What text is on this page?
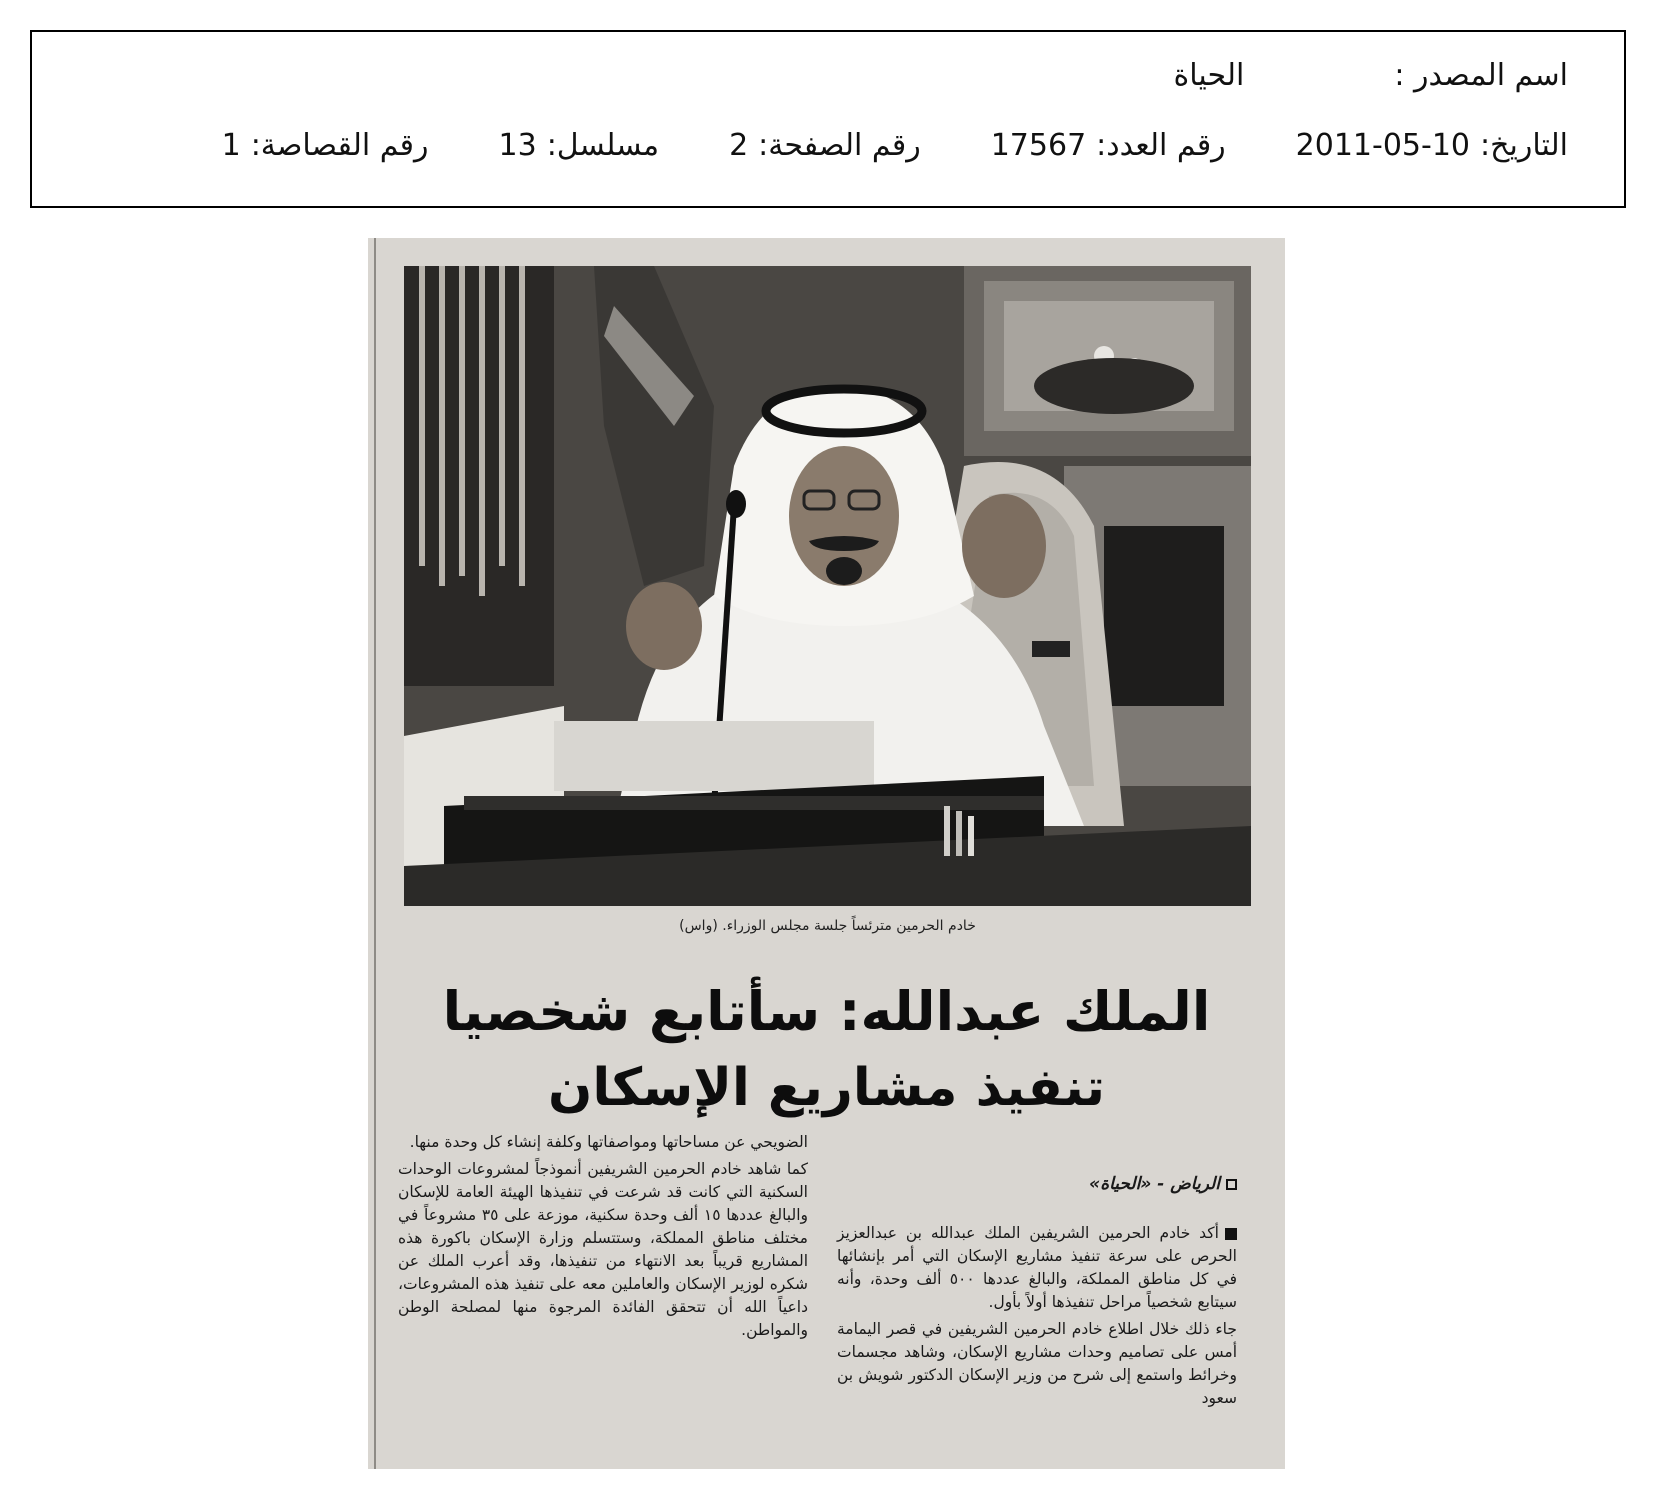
اسم المصدر :
الحياة
التاريخ:
2011-05-10
رقم العدد:
17567
رقم الصفحة:
2
مسلسل:
13
رقم القصاصة:
1
خادم الحرمين مترئساً جلسة مجلس الوزراء. (واس)
الملك عبدالله: سأتابع شخصيا
تنفيذ مشاريع الإسكان
الرياض - «الحياة»

أكد خادم الحرمين الشريفين الملك عبدالله بن عبدالعزيز الحرص على سرعة تنفيذ مشاريع الإسكان التي أمر بإنشائها في كل مناطق المملكة، والبالغ عددها ٥٠٠ ألف وحدة، وأنه سيتابع شخصياً مراحل تنفيذها أولاً بأول.

جاء ذلك خلال اطلاع خادم الحرمين الشريفين في قصر اليمامة أمس على تصاميم وحدات مشاريع الإسكان، وشاهد مجسمات وخرائط واستمع إلى شرح من وزير الإسكان الدكتور شويش بن سعود

الضويحي عن مساحاتها ومواصفاتها وكلفة إنشاء كل وحدة منها.

كما شاهد خادم الحرمين الشريفين أنموذجاً لمشروعات الوحدات السكنية التي كانت قد شرعت في تنفيذها الهيئة العامة للإسكان والبالغ عددها ١٥ ألف وحدة سكنية، موزعة على ٣٥ مشروعاً في مختلف مناطق المملكة، وستتسلم وزارة الإسكان باكورة هذه المشاريع قريباً بعد الانتهاء من تنفيذها، وقد أعرب الملك عن شكره لوزير الإسكان والعاملين معه على تنفيذ هذه المشروعات، داعياً الله أن تتحقق الفائدة المرجوة منها لمصلحة الوطن والمواطن.
